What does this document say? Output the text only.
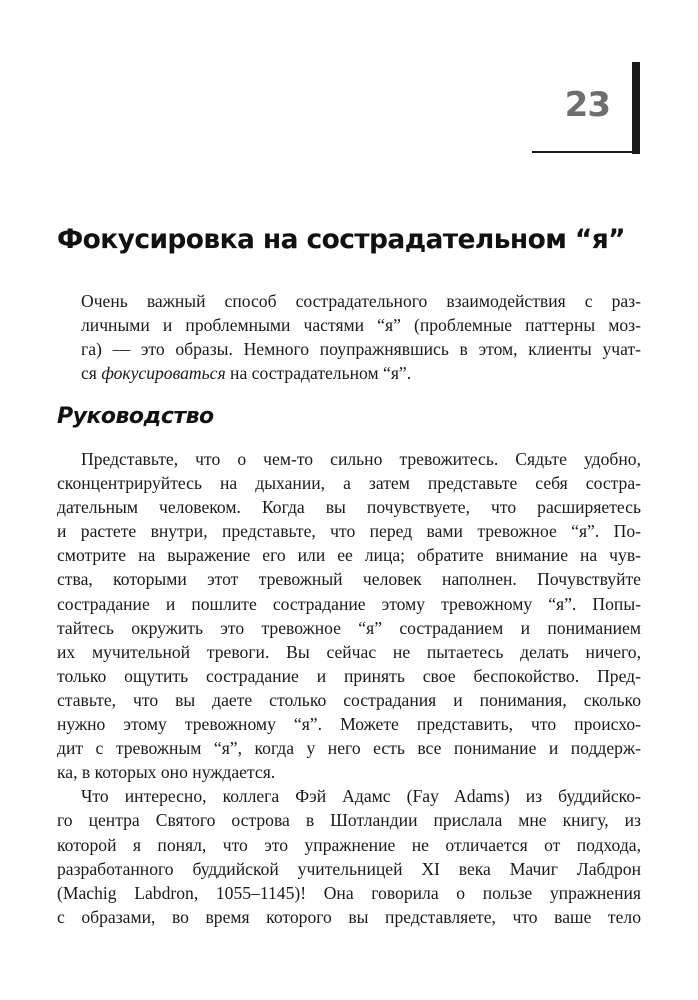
23
Фокусировка на сострадательном “я”
Очень важный способ сострадательного взаимодействия с раз-
личными и проблемными частями “я” (проблемные паттерны моз-
га) — это образы. Немного поупражнявшись в этом, клиенты учат-
ся фокусироваться на сострадательном “я”.
Руководство
Представьте, что о чем-то сильно тревожитесь. Сядьте удобно,
сконцентрируйтесь на дыхании, а затем представьте себя состра-
дательным человеком. Когда вы почувствуете, что расширяетесь
и растете внутри, представьте, что перед вами тревожное “я”. По-
смотрите на выражение его или ее лица; обратите внимание на чув-
ства, которыми этот тревожный человек наполнен. Почувствуйте
сострадание и пошлите сострадание этому тревожному “я”. Попы-
тайтесь окружить это тревожное “я” состраданием и пониманием
их мучительной тревоги. Вы сейчас не пытаетесь делать ничего,
только ощутить сострадание и принять свое беспокойство. Пред-
ставьте, что вы даете столько сострадания и понимания, сколько
нужно этому тревожному “я”. Можете представить, что происхо-
дит с тревожным “я”, когда у него есть все понимание и поддерж-
ка, в которых оно нуждается.
Что интересно, коллега Фэй Адамс (Fay Adams) из буддийско-
го центра Святого острова в Шотландии прислала мне книгу, из
которой я понял, что это упражнение не отличается от подхода,
разработанного буддийской учительницей XI века Мачиг Лабдрон
(Machig Labdron, 1055–1145)! Она говорила о пользе упражнения
с образами, во время которого вы представляете, что ваше тело
